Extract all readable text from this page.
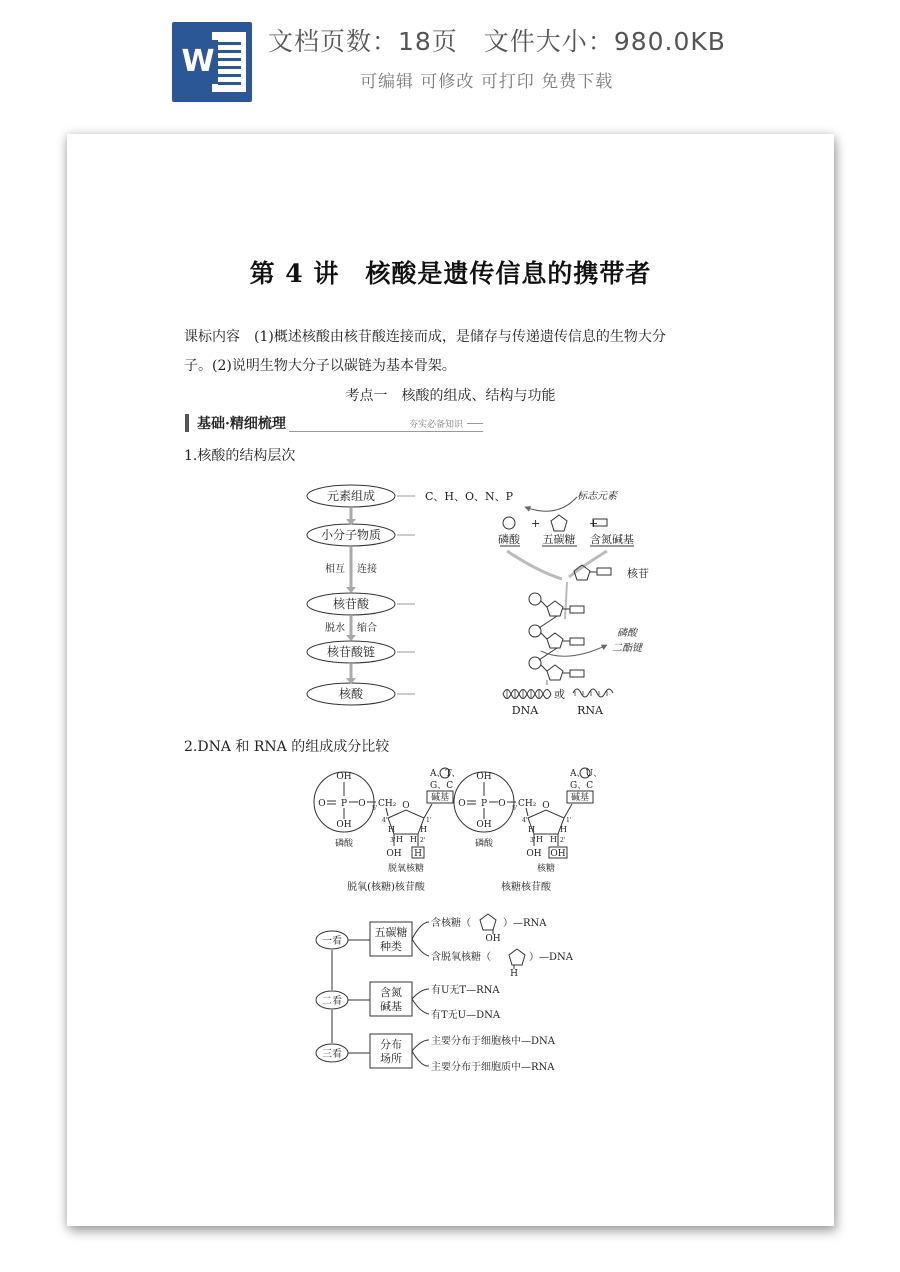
W
文档页数：18页　文件大小：980.0KB
可编辑 可修改 可打印 免费下载
第 4 讲　核酸是遗传信息的携带者
课标内容　(1)概述核酸由核苷酸连接而成，是储存与传递遗传信息的生物大分
子。(2)说明生物大分子以碳链为基本骨架。
考点一　核酸的组成、结构与功能
基础·精细梳理	夯实必备知识
1.核酸的结构层次
元素组成
小分子物质
核苷酸
核苷酸链
核酸
相互 连接
脱水 缩合
C、H、O、N、P	标志元素
+	+
磷酸 五碳糖 含氮碱基
核苷
磷酸
二酯键
或
DNA	RNA
2.DNA 和 RNA 的组成成分比较
OH
O P O
OH
5' CH₂ O
4'	1'
3'	2'
H	H
H H
OH H
A、T、
G、C
碱基
磷酸
脱氧核糖
脱氧(核糖)核苷酸
OH
O P O
OH
5' CH₂ O
4'	1'
3'	2'
H	H
H H
OH OH
A、U、
G、C
碱基
磷酸
核糖
核糖核苷酸
一看
二看
三看
五碳糖
种类
含氮
碱基
分布
场所
含核糖（
OH
）—RNA
含脱氧核糖（
H
）—DNA
有U无T—RNA
有T无U—DNA
主要分布于细胞核中—DNA
主要分布于细胞质中—RNA
